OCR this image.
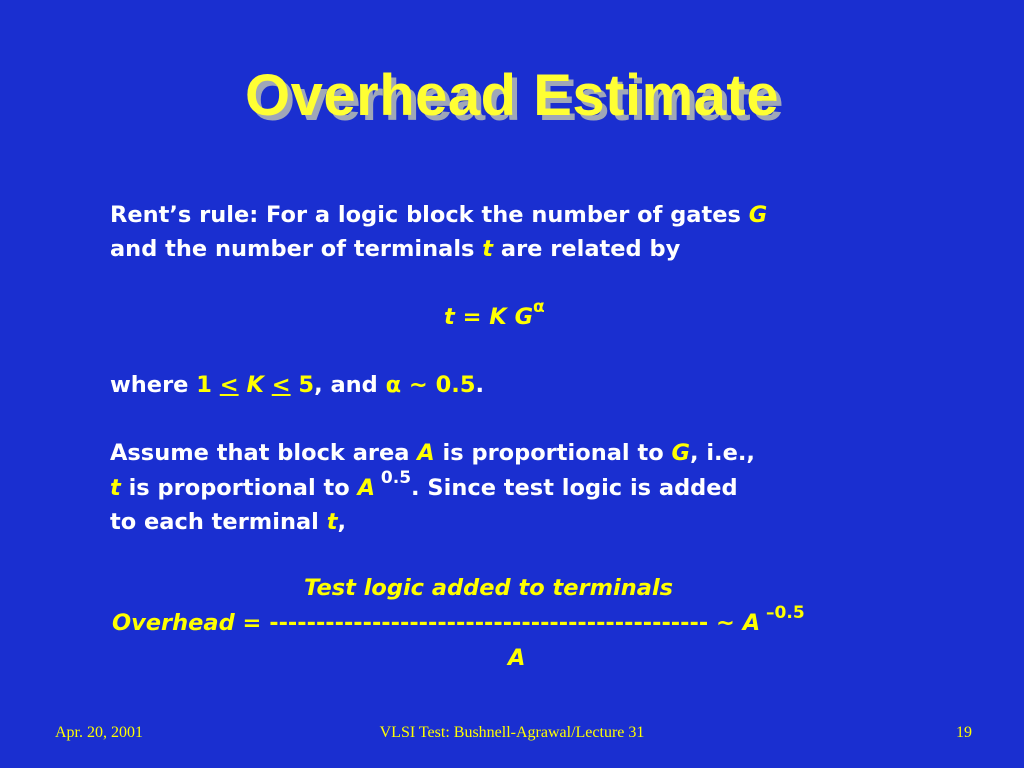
Overhead Estimate
Rent’s rule: For a logic block the number of gates G
and the number of terminals t are related by
t = K $G^\alpha$
where 1 < K < 5, and α ~ 0.5.
Assume that block area A is proportional to G, i.e.,
t is proportional to A $^{0.5}$. Since test logic is added
to each terminal t,
Test logic added to terminals
Overhead = ----------------------------------------------- ~ A $^{-0.5}$
A
Apr. 20, 2001	VLSI Test: Bushnell-Agrawal/Lecture 31	19
